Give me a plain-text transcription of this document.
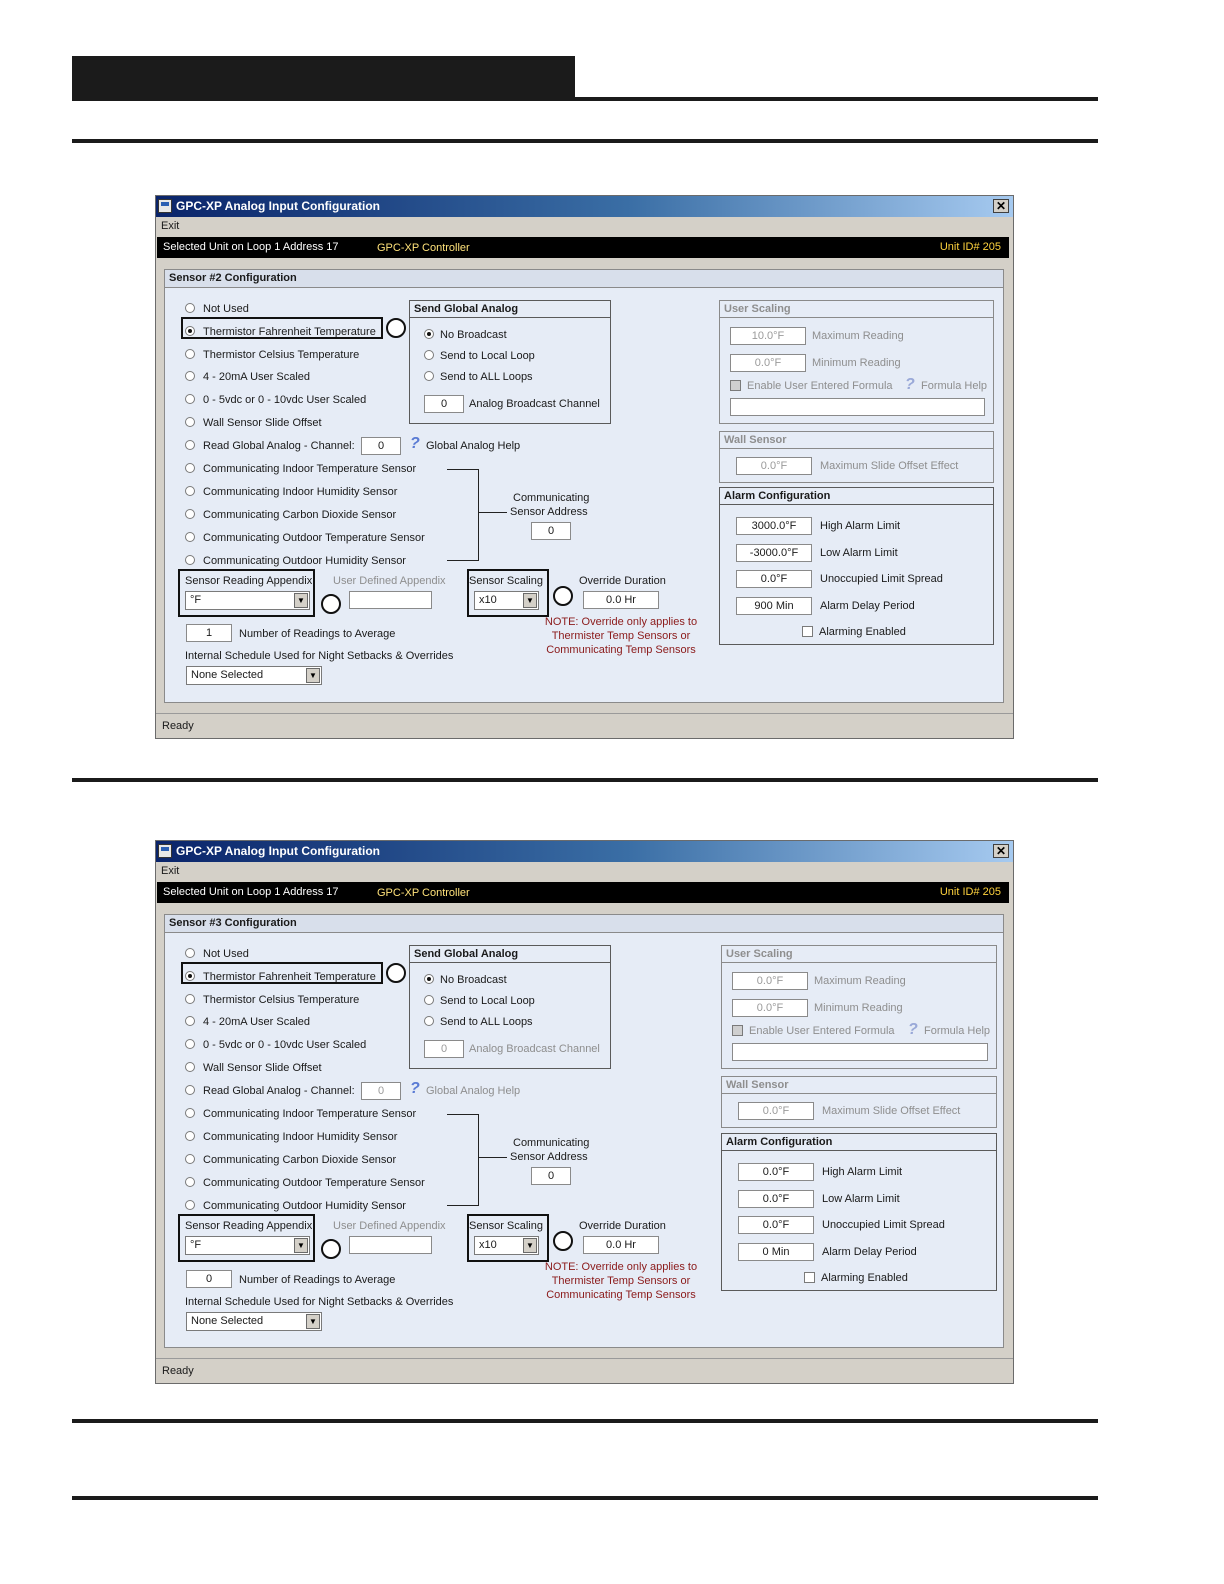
GPC-XP Analog Input Configuration	✕
Exit
Selected Unit on Loop 1 Address 17	GPC-XP Controller	Unit ID# 205
Sensor #2 Configuration
Not Used
Thermistor Fahrenheit Temperature
Thermistor Celsius Temperature
4 - 20mA User Scaled
0 - 5vdc or 0 - 10vdc User Scaled
Wall Sensor Slide Offset
Read Global Analog - Channel:	0	? Global Analog Help
Communicating Indoor Temperature Sensor
Communicating Indoor Humidity Sensor
Communicating Carbon Dioxide Sensor
Communicating Outdoor Temperature Sensor
Communicating Outdoor Humidity Sensor
Communicating
Sensor Address
0
Send Global Analog
No Broadcast
Send to Local Loop
Send to ALL Loops
0	Analog Broadcast Channel
Sensor Reading Appendix
°F	▼
User Defined Appendix Sensor Scaling
x10	▼
Override Duration
0.0 Hr
NOTE: Override only applies to
Thermister Temp Sensors or
Communicating Temp Sensors
1	Number of Readings to Average
Internal Schedule Used for Night Setbacks & Overrides
None Selected	▼
User Scaling
10.0°F	Maximum Reading
0.0°F	Minimum Reading
Enable User Entered Formula ? Formula Help
Wall Sensor
0.0°F	Maximum Slide Offset Effect
Alarm Configuration
3000.0°F	High Alarm Limit
-3000.0°F	Low Alarm Limit
0.0°F	Unoccupied Limit Spread
900 Min	Alarm Delay Period
Alarming Enabled
Ready
GPC-XP Analog Input Configuration	✕
Exit
Selected Unit on Loop 1 Address 17	GPC-XP Controller	Unit ID# 205
Sensor #3 Configuration
Not Used
Thermistor Fahrenheit Temperature
Thermistor Celsius Temperature
4 - 20mA User Scaled
0 - 5vdc or 0 - 10vdc User Scaled
Wall Sensor Slide Offset
Read Global Analog - Channel:	0	? Global Analog Help
Communicating Indoor Temperature Sensor
Communicating Indoor Humidity Sensor
Communicating Carbon Dioxide Sensor
Communicating Outdoor Temperature Sensor
Communicating Outdoor Humidity Sensor
Communicating
Sensor Address
0
Send Global Analog
No Broadcast
Send to Local Loop
Send to ALL Loops
0	Analog Broadcast Channel
Sensor Reading Appendix
°F	▼
User Defined Appendix Sensor Scaling
x10	▼
Override Duration
0.0 Hr
NOTE: Override only applies to
Thermister Temp Sensors or
Communicating Temp Sensors
0	Number of Readings to Average
Internal Schedule Used for Night Setbacks & Overrides
None Selected	▼
User Scaling
0.0°F	Maximum Reading
0.0°F	Minimum Reading
Enable User Entered Formula ? Formula Help
Wall Sensor
0.0°F	Maximum Slide Offset Effect
Alarm Configuration
0.0°F	High Alarm Limit
0.0°F	Low Alarm Limit
0.0°F	Unoccupied Limit Spread
0 Min	Alarm Delay Period
Alarming Enabled
Ready
